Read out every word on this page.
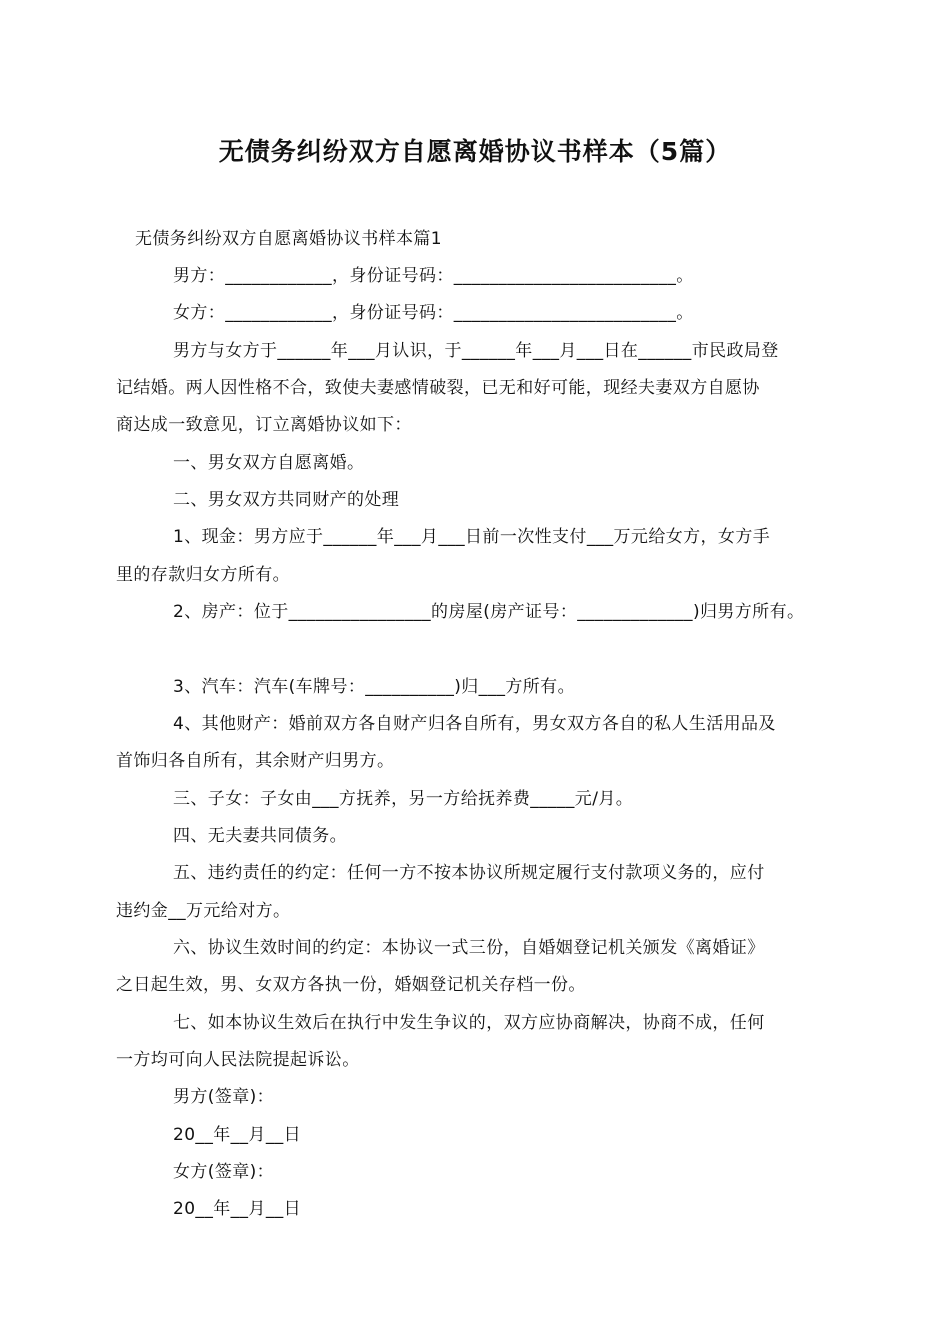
无债务纠纷双方自愿离婚协议书样本（5篇）
无债务纠纷双方自愿离婚协议书样本篇1
男方：____________，身份证号码：_________________________。
女方：____________，身份证号码：_________________________。
男方与女方于______年___月认识，于______年___月___日在______市民政局登
记结婚。两人因性格不合，致使夫妻感情破裂，已无和好可能，现经夫妻双方自愿协
商达成一致意见，订立离婚协议如下：
一、男女双方自愿离婚。
二、男女双方共同财产的处理
1、现金：男方应于______年___月___日前一次性支付___万元给女方，女方手
里的存款归女方所有。
2、房产：位于________________的房屋(房产证号：_____________)归男方所有。
3、汽车：汽车(车牌号：__________)归___方所有。
4、其他财产：婚前双方各自财产归各自所有，男女双方各自的私人生活用品及
首饰归各自所有，其余财产归男方。
三、子女：子女由___方抚养，另一方给抚养费_____元/月。
四、无夫妻共同债务。
五、违约责任的约定：任何一方不按本协议所规定履行支付款项义务的，应付
违约金__万元给对方。
六、协议生效时间的约定：本协议一式三份，自婚姻登记机关颁发《离婚证》
之日起生效，男、女双方各执一份，婚姻登记机关存档一份。
七、如本协议生效后在执行中发生争议的，双方应协商解决，协商不成，任何
一方均可向人民法院提起诉讼。
男方(签章)：
20__年__月__日
女方(签章)：
20__年__月__日
